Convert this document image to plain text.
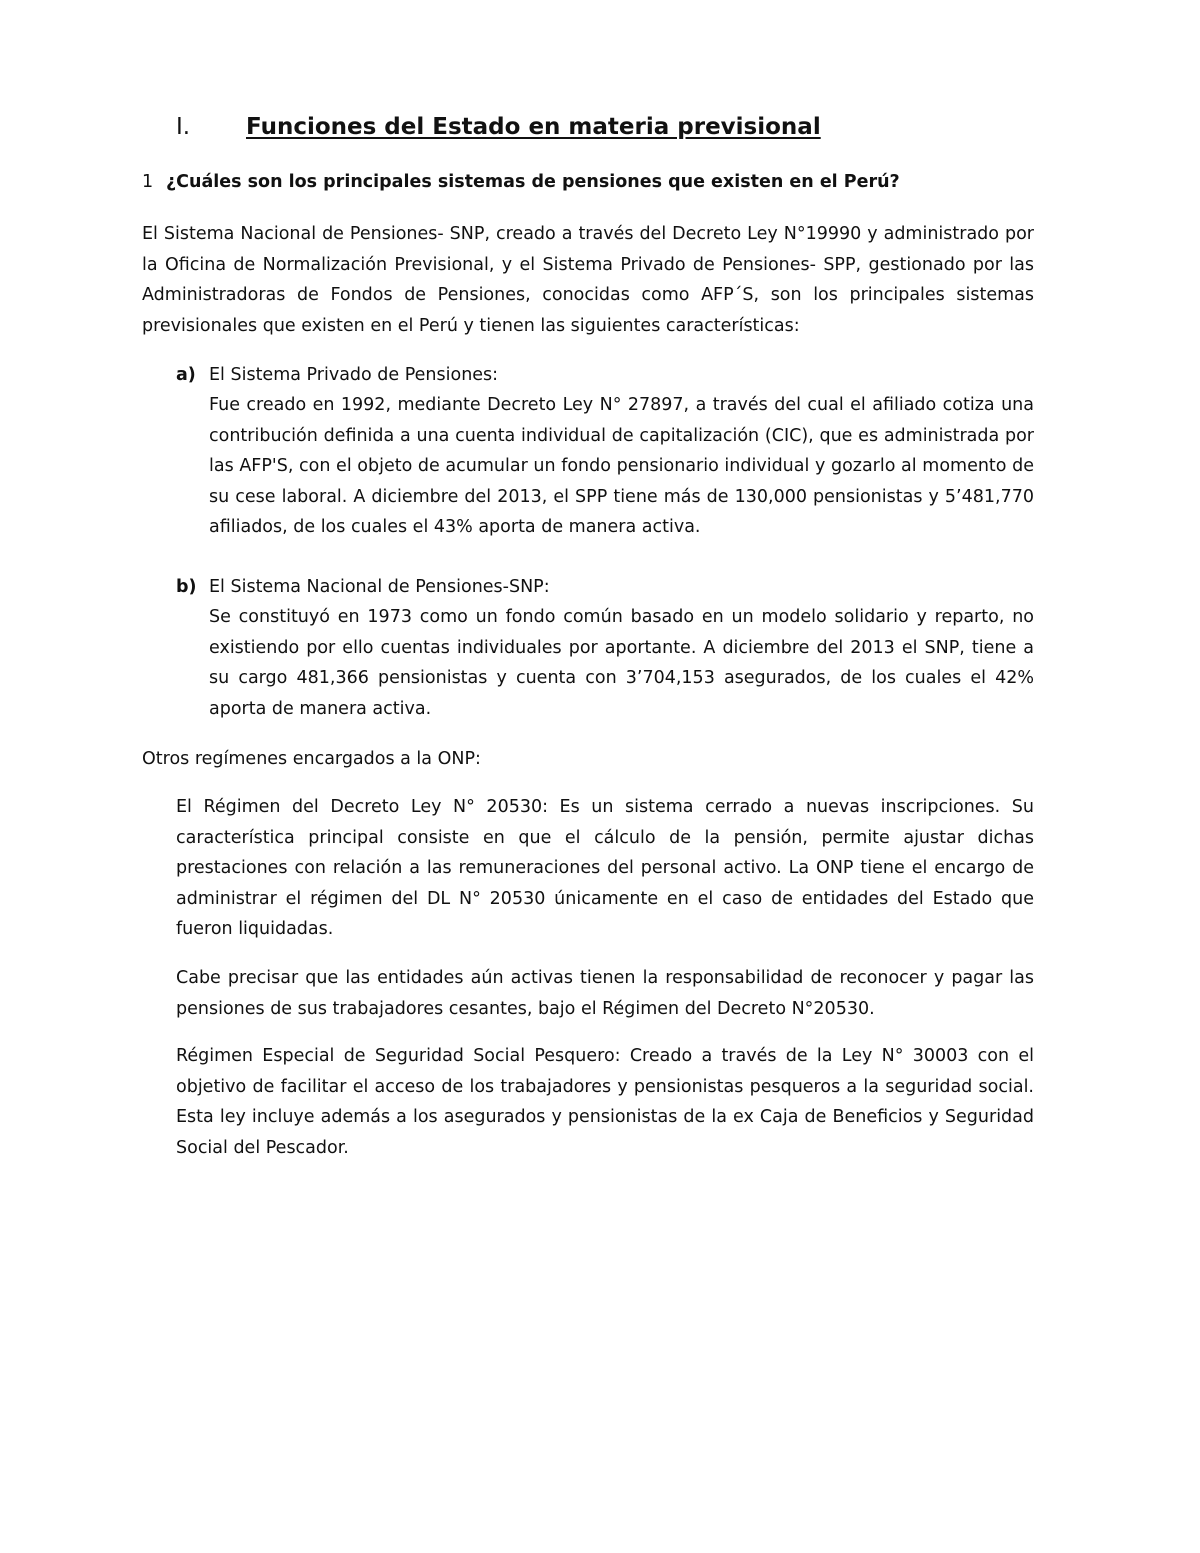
I. Funciones del Estado en materia previsional
1 ¿Cuáles son los principales sistemas de pensiones que existen en el Perú?
El Sistema Nacional de Pensiones- SNP, creado a través del Decreto Ley N°19990 y administrado por la Oficina de Normalización Previsional, y el Sistema Privado de Pensiones- SPP, gestionado por las Administradoras de Fondos de Pensiones, conocidas como AFP´S, son los principales sistemas previsionales que existen en el Perú y tienen las siguientes características:
a) El Sistema Privado de Pensiones:
Fue creado en 1992, mediante Decreto Ley N° 27897, a través del cual el afiliado cotiza una contribución definida a una cuenta individual de capitalización (CIC), que es administrada por las AFP'S, con el objeto de acumular un fondo pensionario individual y gozarlo al momento de su cese laboral. A diciembre del 2013, el SPP tiene más de 130,000 pensionistas y 5’481,770 afiliados, de los cuales el 43% aporta de manera activa.
b) El Sistema Nacional de Pensiones-SNP:
Se constituyó en 1973 como un fondo común basado en un modelo solidario y reparto, no existiendo por ello cuentas individuales por aportante. A diciembre del 2013 el SNP, tiene a su cargo 481,366 pensionistas y cuenta con 3’704,153 asegurados, de los cuales el 42% aporta de manera activa.
Otros regímenes encargados a la ONP:
El Régimen del Decreto Ley N° 20530: Es un sistema cerrado a nuevas inscripciones. Su característica principal consiste en que el cálculo de la pensión, permite ajustar dichas prestaciones con relación a las remuneraciones del personal activo. La ONP tiene el encargo de administrar el régimen del DL N° 20530 únicamente en el caso de entidades del Estado que fueron liquidadas.
Cabe precisar que las entidades aún activas tienen la responsabilidad de reconocer y pagar las pensiones de sus trabajadores cesantes, bajo el Régimen del Decreto N°20530.
Régimen Especial de Seguridad Social Pesquero: Creado a través de la Ley N° 30003 con el objetivo de facilitar el acceso de los trabajadores y pensionistas pesqueros a la seguridad social. Esta ley incluye además a los asegurados y pensionistas de la ex Caja de Beneficios y Seguridad Social del Pescador.
